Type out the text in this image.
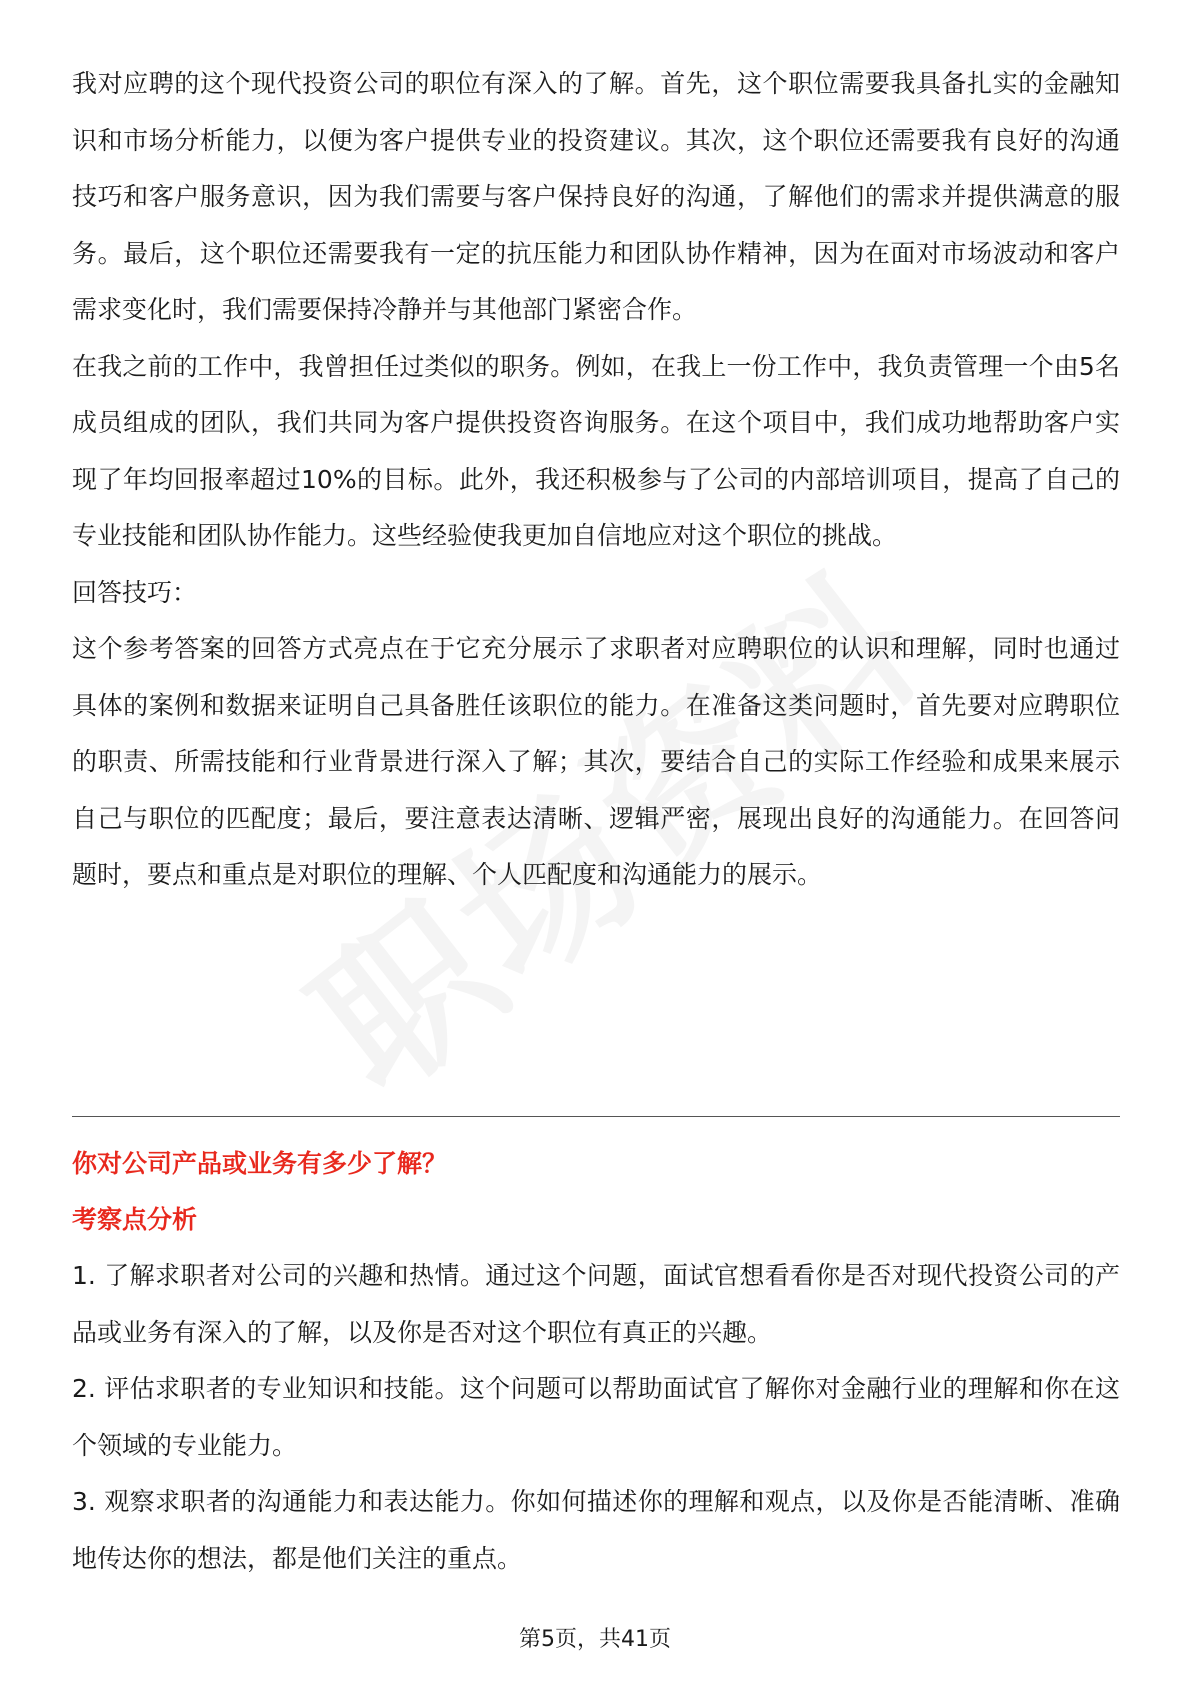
我对应聘的这个现代投资公司的职位有深入的了解。首先，这个职位需要我具备扎实的金融知识和市场分析能力，以便为客户提供专业的投资建议。其次，这个职位还需要我有良好的沟通技巧和客户服务意识，因为我们需要与客户保持良好的沟通，了解他们的需求并提供满意的服务。最后，这个职位还需要我有一定的抗压能力和团队协作精神，因为在面对市场波动和客户需求变化时，我们需要保持冷静并与其他部门紧密合作。

在我之前的工作中，我曾担任过类似的职务。例如，在我上一份工作中，我负责管理一个由5名成员组成的团队，我们共同为客户提供投资咨询服务。在这个项目中，我们成功地帮助客户实现了年均回报率超过10%的目标。此外，我还积极参与了公司的内部培训项目，提高了自己的专业技能和团队协作能力。这些经验使我更加自信地应对这个职位的挑战。

回答技巧：

这个参考答案的回答方式亮点在于它充分展示了求职者对应聘职位的认识和理解，同时也通过具体的案例和数据来证明自己具备胜任该职位的能力。在准备这类问题时，首先要对应聘职位的职责、所需技能和行业背景进行深入了解；其次，要结合自己的实际工作经验和成果来展示自己与职位的匹配度；最后，要注意表达清晰、逻辑严密，展现出良好的沟通能力。在回答问题时，要点和重点是对职位的理解、个人匹配度和沟通能力的展示。

你对公司产品或业务有多少了解？

考察点分析

1. 了解求职者对公司的兴趣和热情。通过这个问题，面试官想看看你是否对现代投资公司的产品或业务有深入的了解，以及你是否对这个职位有真正的兴趣。

2. 评估求职者的专业知识和技能。这个问题可以帮助面试官了解你对金融行业的理解和你在这个领域的专业能力。

3. 观察求职者的沟通能力和表达能力。你如何描述你的理解和观点，以及你是否能清晰、准确地传达你的想法，都是他们关注的重点。

第5页，共41页
